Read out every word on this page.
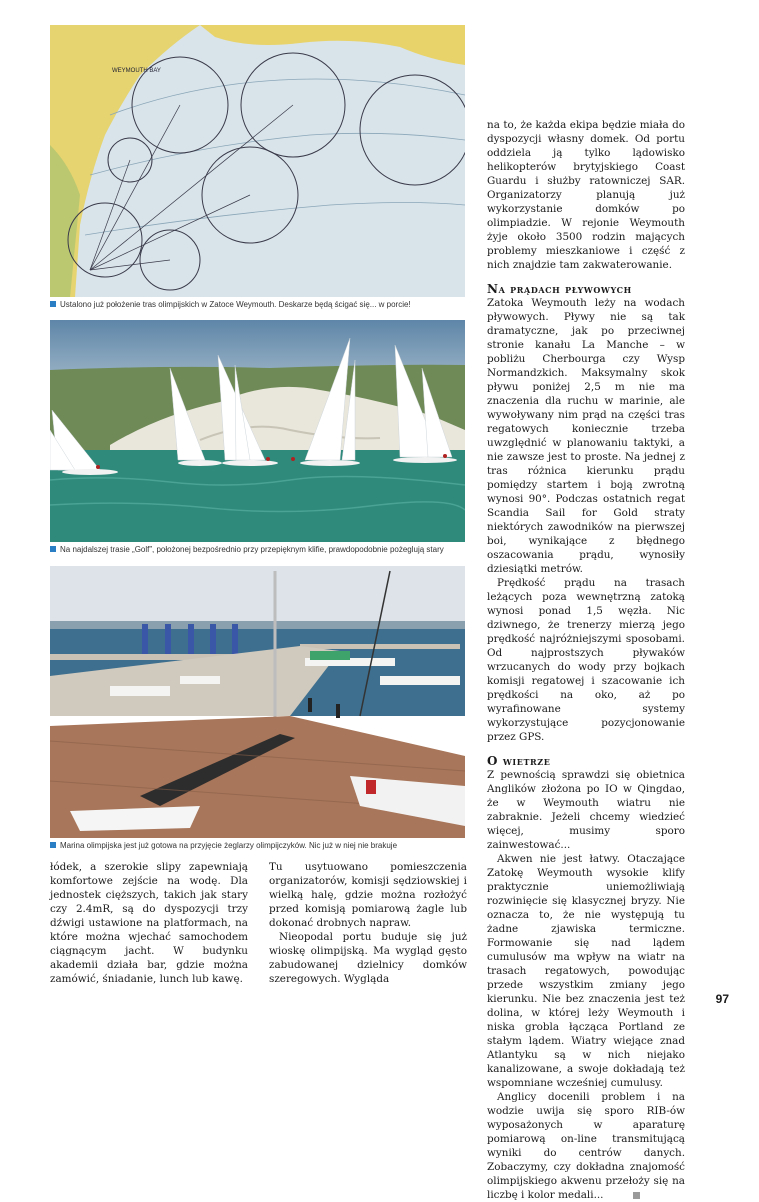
WEYMOUTH BAY
Ustalono już położenie tras olimpijskich w Zatoce Weymouth. Deskarze będą ścigać się... w porcie!
Na najdalszej trasie „Golf”, położonej bezpośrednio przy przepięknym klifie, prawdopodobnie pożeglują stary
Marina olimpijska jest już gotowa na przyjęcie żeglarzy olimpijczyków. Nic już w niej nie brakuje

łódek, a szerokie slipy zapewniają komfortowe zejście na wodę. Dla jednostek cięższych, takich jak stary czy 2.4mR, są do dyspozycji trzy dźwigi ustawione na platformach, na które można wjechać samochodem ciągnącym jacht. W budynku akademii działa bar, gdzie można zamówić, śniadanie, lunch lub kawę.

Tu usytuowano pomieszczenia organizatorów, komisji sędziowskiej i wielką halę, gdzie można rozłożyć przed komisją pomiarową żagle lub dokonać drobnych napraw.

Nieopodal portu buduje się już wioskę olimpijską. Ma wygląd gęsto zabudowanej dzielnicy domków szeregowych. Wygląda

na to, że każda ekipa będzie miała do dyspozycji własny domek. Od portu oddziela ją tylko lądowisko helikopterów brytyjskiego Coast Guardu i służby ratowniczej SAR. Organizatorzy planują już wykorzystanie domków po olimpiadzie. W rejonie Weymouth żyje około 3500 rodzin mających problemy mieszkaniowe i część z nich znajdzie tam zakwaterowanie.

Na prądach pływowych

Zatoka Weymouth leży na wodach pływowych. Pływy nie są tak dramatyczne, jak po przeciwnej stronie kanału La Manche – w pobliżu Cherbourga czy Wysp Normandzkich. Maksymalny skok pływu poniżej 2,5 m nie ma znaczenia dla ruchu w marinie, ale wywoływany nim prąd na części tras regatowych koniecznie trzeba uwzględnić w planowaniu taktyki, a nie zawsze jest to proste. Na jednej z tras różnica kierunku prądu pomiędzy startem i boją zwrotną wynosi 90°. Podczas ostatnich regat Scandia Sail for Gold straty niektórych zawodników na pierwszej boi, wynikające z błędnego oszacowania prądu, wynosiły dziesiątki metrów.

Prędkość prądu na trasach leżących poza wewnętrzną zatoką wynosi ponad 1,5 węzła. Nic dziwnego, że trenerzy mierzą jego prędkość najróżniejszymi sposobami. Od najprostszych pływaków wrzucanych do wody przy bojkach komisji regatowej i szacowanie ich prędkości na oko, aż po wyrafinowane systemy wykorzystujące pozycjonowanie przez GPS.

O wietrze

Z pewnością sprawdzi się obietnica Anglików złożona po IO w Qingdao, że w Weymouth wiatru nie zabraknie. Jeżeli chcemy wiedzieć więcej, musimy sporo zainwestować...

Akwen nie jest łatwy. Otaczające Zatokę Weymouth wysokie klify praktycznie uniemożliwiają rozwinięcie się klasycznej bryzy. Nie oznacza to, że nie występują tu żadne zjawiska termiczne. Formowanie się nad lądem cumulusów ma wpływ na wiatr na trasach regatowych, powodując przede wszystkim zmiany jego kierunku. Nie bez znaczenia jest też dolina, w której leży Weymouth i niska grobla łącząca Portland ze stałym lądem. Wiatry wiejące znad Atlantyku są w nich niejako kanalizowane, a swoje dokładają też wspomniane wcześniej cumulusy.

Anglicy docenili problem i na wodzie uwija się sporo RIB-ów wyposażonych w aparaturę pomiarową on-line transmitującą wyniki do centrów danych. Zobaczymy, czy dokładna znajomość olimpijskiego akwenu przełoży się na liczbę i kolor medali...

97
